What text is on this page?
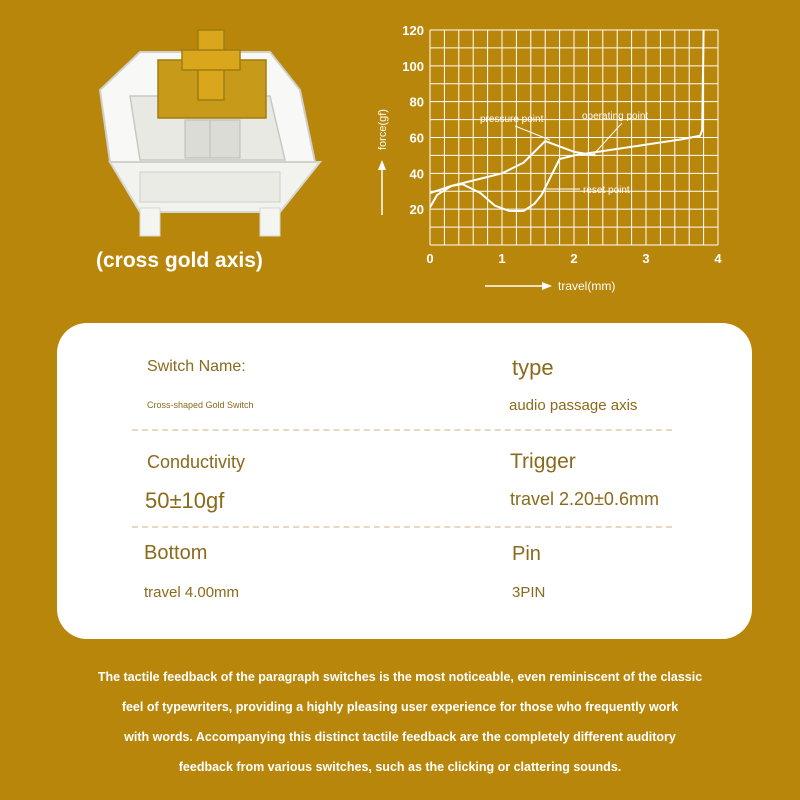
(cross gold axis)	0	1	2	3	4
20
40
60
80
100
120
force(gf)
travel(mm)
pressure point	operating point
reset point
Switch Name:
Cross-shaped Gold Switch
type
audio passage axis
Conductivity
50±10gf
Trigger
travel 2.20±0.6mm
Bottom
travel 4.00mm
Pin
3PIN
The tactile feedback of the paragraph switches is the most noticeable, even reminiscent of the classic
feel of typewriters, providing a highly pleasing user experience for those who frequently work
with words. Accompanying this distinct tactile feedback are the completely different auditory
feedback from various switches, such as the clicking or clattering sounds.
